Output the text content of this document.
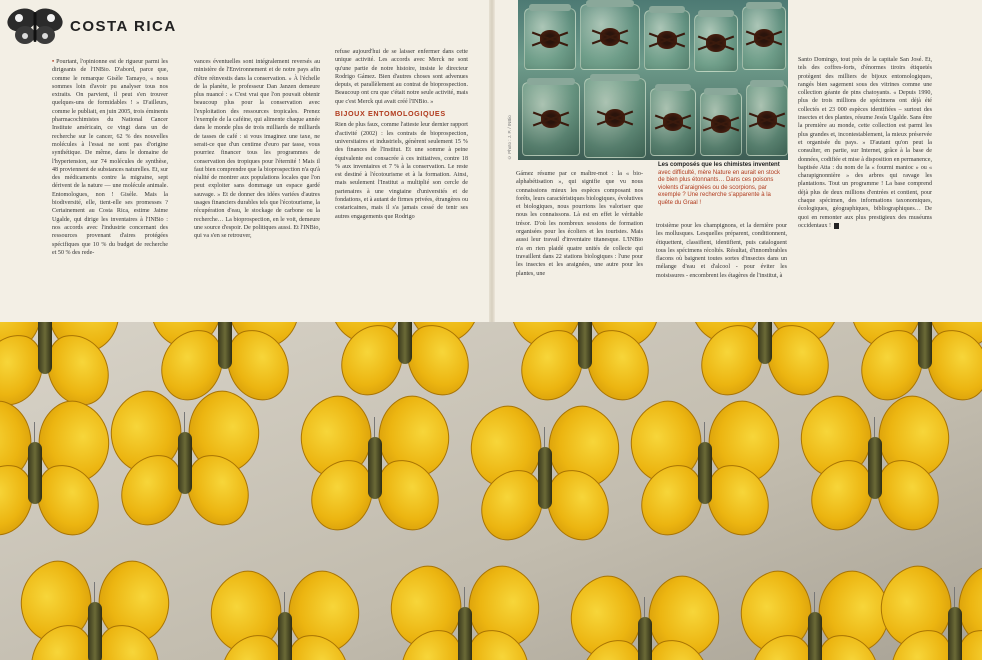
COSTA RICA

• Pourtant, l'opinionne est de rigueur parmi les dirigeants de l'INBio. D'abord, parce que, comme le remarque Gisèle Tamayo, « nous sommes loin d'avoir pu analyser tous nos extraits. On parvient, il peut s'en trouver quelques-uns de formidables ! » D'ailleurs, comme le publiait, en juin 2005, trois éminents pharmacochimistes du National Cancer Institute américain, ce vingt dans un de recherche sur le cancer, 62 % des nouvelles molécules à l'essai ne sont pas d'origine synthétique. De même, dans le domaine de l'hypertension, sur 74 molécules de synthèse, 48 proviennent de substances naturelles. Et, sur des médicaments contre la migraine, sept dérivent de la nature — une molécule animale. Entomologues, non ! Gisèle. Mais la biodiversité, elle, tient-elle ses promesses ? Certainement au Costa Rica, estime Jaime Ugalde, qui dirige les inventaires à l'INBio : nos accords avec l'industrie concernant des ressources provenant d'aires protégées spécifiques que 10 % du budget de recherche et 50 % des rede-

vances éventuelles sont intégralement reversés au ministère de l'Environnement et de notre pays afin d'être réinvestis dans la conservation. » À l'échelle de la planète, le professeur Dan Janzen demeure plus nuancé : « C'est vrai que l'on pouvait obtenir beaucoup plus pour la conservation avec l'exploitation des ressources tropicales. Prenez l'exemple de la caféine, qui alimente chaque année dans le monde plus de trois milliards de milliards de tasses de café : si vous imaginez une taxe, ne serait-ce que d'un centime d'euro par tasse, vous pourriez financer tous les programmes de conservation des tropiques pour l'éternité ! Mais il faut bien comprendre que la bioprospection n'a qu'à réalité de montrer aux populations locales que l'on peut exploiter sans dommage un espace gardé sauvage. » Et de donner des idées variées d'autres usages financiers durables tels que l'écotourisme, la récupération d'eau, le stockage de carbone ou la recherche… La bioprospection, en le voit, demeure une source d'espoir. De politiques aussi. Et l'INBio, qui va s'en se retrouver,

refuse aujourd'hui de se laisser enfermer dans cette unique activité. Les accords avec Merck ne sont qu'une partie de notre histoire, insiste le directeur Rodrigo Gámez. Bien d'autres choses sont advenues depuis, et parallèlement au contrat de bioprospection. Beaucoup ont cru que c'était notre seule activité, mais que c'est Merck qui avait créé l'INBio. »

BIJOUX ENTOMOLOGIQUES

Rien de plus faux, comme l'atteste leur dernier rapport d'activité (2002) : les contrats de bioprospection, universitaires et industriels, génèrent seulement 15 % des finances de l'Institut. Et une somme à peine équivalente est consacrée à ces initiatives, contre 18 % aux inventaires et 7 % à la conservation. Le reste est destiné à l'écotourisme et à la formation. Ainsi, mais seulement l'Institut a multiplié son cercle de partenaires à une vingtaine d'universités et de fondations, et à autant de firmes privées, étrangères ou costaricaines, mais il s'a jamais cessé de tenir ses autres engagements que Rodrigo

© Photo : J. P. / INBio
Les composés que les chimistes inventent avec difficulté, mère Nature en aurait en stock de bien plus étonnants… Dans ces poisons violents d'araignées ou de scorpions, par exemple ? Une recherche s'apparente à la quête du Graal !

Gámez résume par ce maître-mot : la « bio-alphabétisation », qui signifie que vu nous connaissions mieux les espèces composant nos forêts, leurs caractéristiques biologiques, évolutives et biologiques, nous pourrions les valoriser que nous les connaissons. Là est en effet le véritable trésor. D'où les nombreux sessions de formation organisées pour les écoliers et les touristes. Mais aussi leur travail d'inventaire titanesque. L'INBio n'a en rien plaidé quatre unités de collecte qui travaillent dans 22 stations biologiques : l'une pour les insectes et les araignées, une autre pour les plantes, une

troisième pour les champignons, et la dernière pour les mollusques. Lesquelles préparent, conditionnent, étiquettent, classifient, identifient, puis cataloguent tous les spécimens récoltés. Résultat, d'innombrables flacons où baignent toutes sortes d'insectes dans un mélange d'eau et d'alcool - pour éviter les moisissures - encombrent les étagères de l'institut, à

Santo Domingo, tout près de la capitale San José. Et, tels des coffres-forts, d'énormes tiroirs étiquetés protègent des milliers de bijoux entomologiques, rangés bien sagement sous des vitrines comme une collection géante de pins chatoyants. « Depuis 1990, plus de trois millions de spécimens ont déjà été collectés et 23 000 espèces identifiées – surtout des insectes et des plantes, résume Jesús Ugalde. Sans être la première au monde, cette collection est parmi les plus grandes et, incontestablement, la mieux préservée et organisée du pays. » D'autant qu'on peut la consulter, en partie, sur Internet, grâce à la base de données, codifiée et mise à disposition en permanence, baptisée Atta : du nom de la « fourmi manioc » ou « charapignonnière » des arbres qui ravage les plantations. Tout un programme ! La base comprend déjà plus de deux millions d'entrées et contient, pour chaque spécimen, des informations taxonomiques, écologiques, géographiques, bibliographiques… De quoi en remonter aux plus prestigieux des muséums occidentaux !
